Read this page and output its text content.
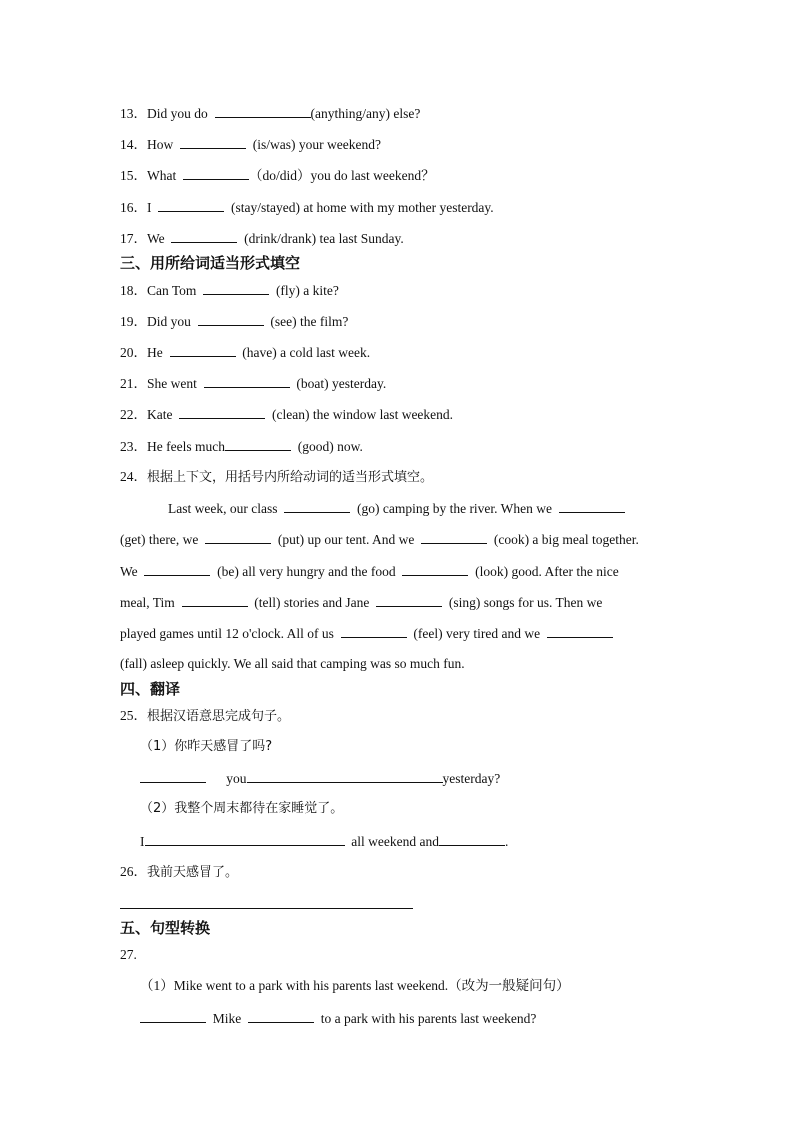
13．Did you do	(anything/any) else?
14．How	(is/was) your weekend?
15．What	（do/did）you do last weekend？
16．I	(stay/stayed) at home with my mother yesterday.
17．We	(drink/drank) tea last Sunday.
三、用所给词适当形式填空
18．Can Tom	(fly) a kite?
19．Did you	(see) the film?
20．He	(have) a cold last week.
21．She went	(boat) yesterday.
22．Kate	(clean) the window last weekend.
23．He feels much	(good) now.
24．根据上下文，用括号内所给动词的适当形式填空。
Last week, our class	(go) camping by the river. When we
(get) there, we	(put) up our tent. And we	(cook) a big meal together.
We	(be) all very hungry and the food	(look) good. After the nice
meal, Tim	(tell) stories and Jane	(sing) songs for us. Then we
played games until 12 o'clock. All of us	(feel) very tired and we
(fall) asleep quickly. We all said that camping was so much fun.
四、翻译
25．根据汉语意思完成句子。
（1）你昨天感冒了吗?
you	yesterday?
（2）我整个周末都待在家睡觉了。
I	all weekend and	.
26．我前天感冒了。
五、句型转换
27.
（1）Mike went to a park with his parents last weekend.（改为一般疑问句）
Mike	to a park with his parents last weekend?
